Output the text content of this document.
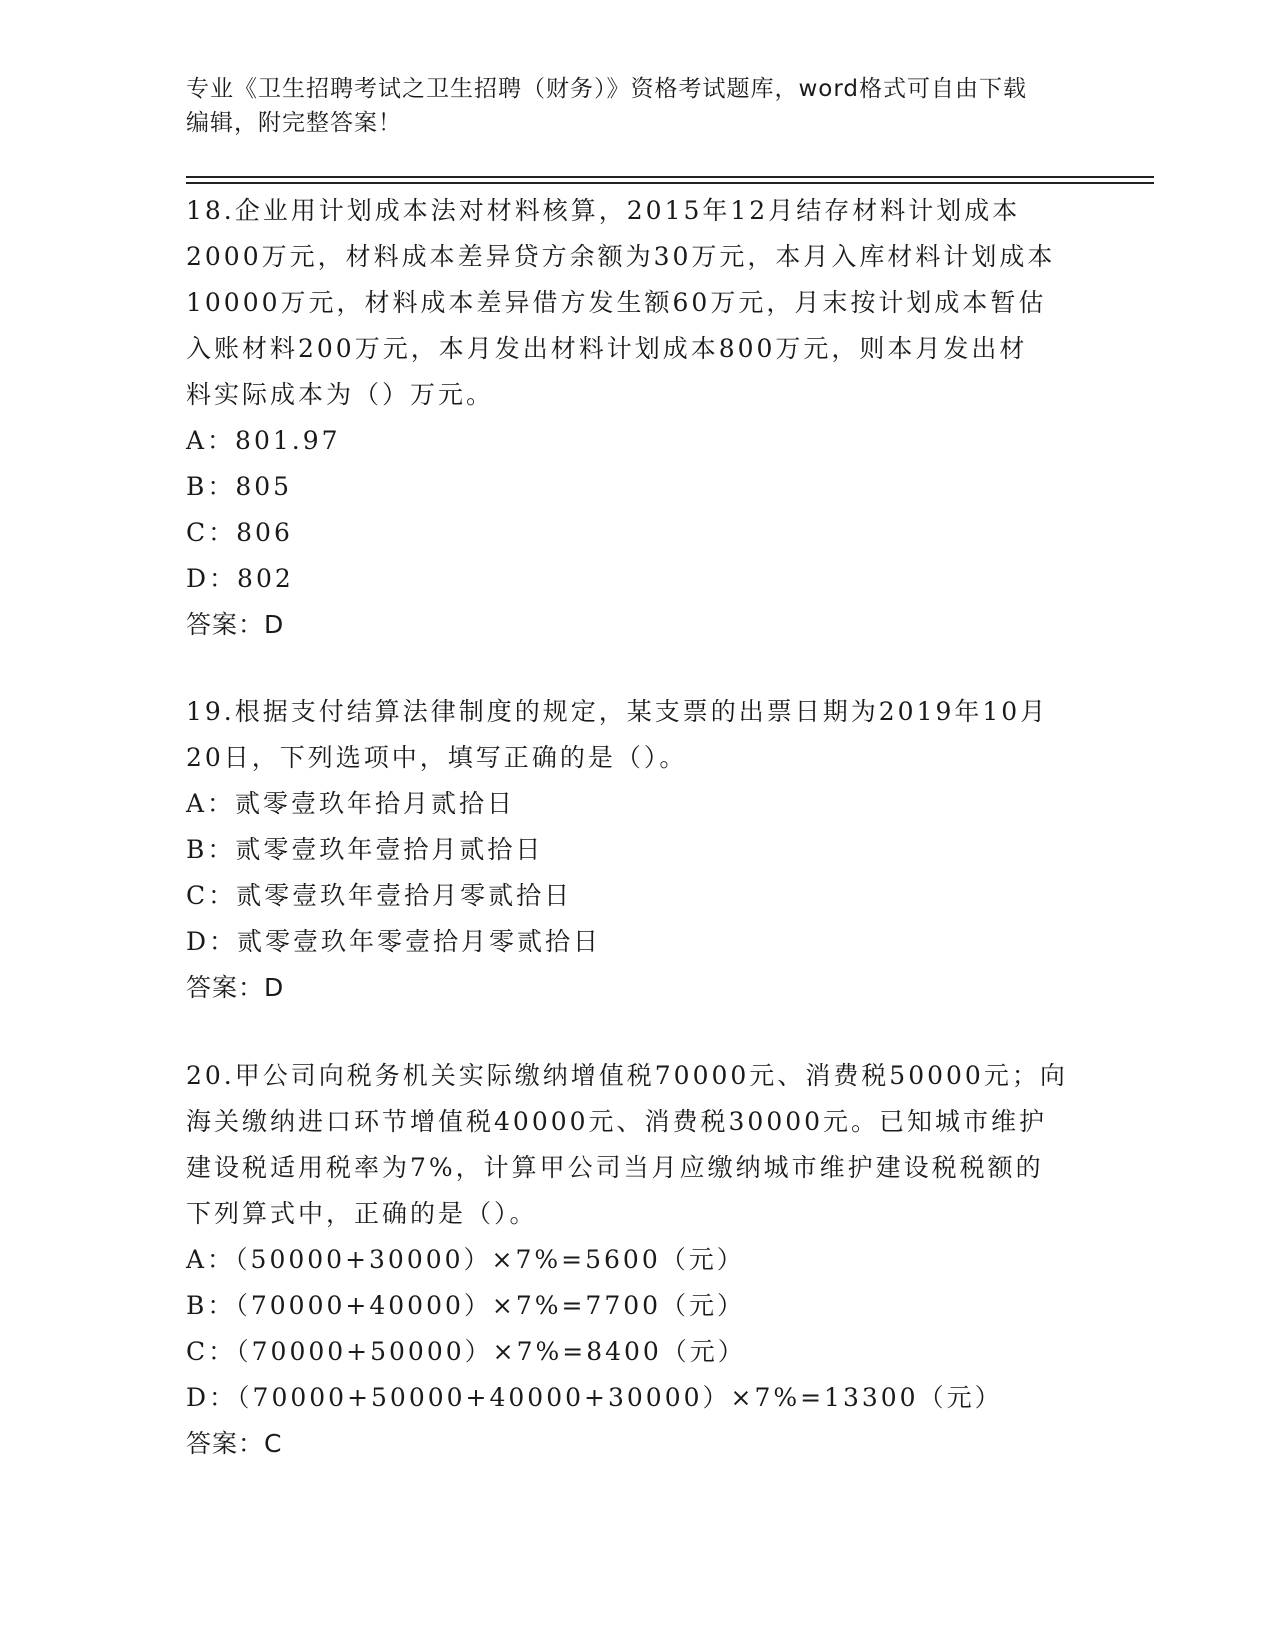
专业《卫生招聘考试之卫生招聘（财务）》资格考试题库，word格式可自由下载
编辑，附完整答案！
18.企业用计划成本法对材料核算，2015年12月结存材料计划成本
2000万元，材料成本差异贷方余额为30万元，本月入库材料计划成本
10000万元，材料成本差异借方发生额60万元，月末按计划成本暂估
入账材料200万元，本月发出材料计划成本800万元，则本月发出材
料实际成本为（）万元。
A：801.97
B：805
C：806
D：802
答案：D
19.根据支付结算法律制度的规定，某支票的出票日期为2019年10月
20日，下列选项中，填写正确的是（）。
A：贰零壹玖年拾月贰拾日
B：贰零壹玖年壹拾月贰拾日
C：贰零壹玖年壹拾月零贰拾日
D：贰零壹玖年零壹拾月零贰拾日
答案：D
20.甲公司向税务机关实际缴纳增值税70000元、消费税50000元；向
海关缴纳进口环节增值税40000元、消费税30000元。已知城市维护
建设税适用税率为7%，计算甲公司当月应缴纳城市维护建设税税额的
下列算式中，正确的是（）。
A：（50000+30000）×7%=5600（元）
B：（70000+40000）×7%=7700（元）
C：（70000+50000）×7%=8400（元）
D：（70000+50000+40000+30000）×7%=13300（元）
答案：C
